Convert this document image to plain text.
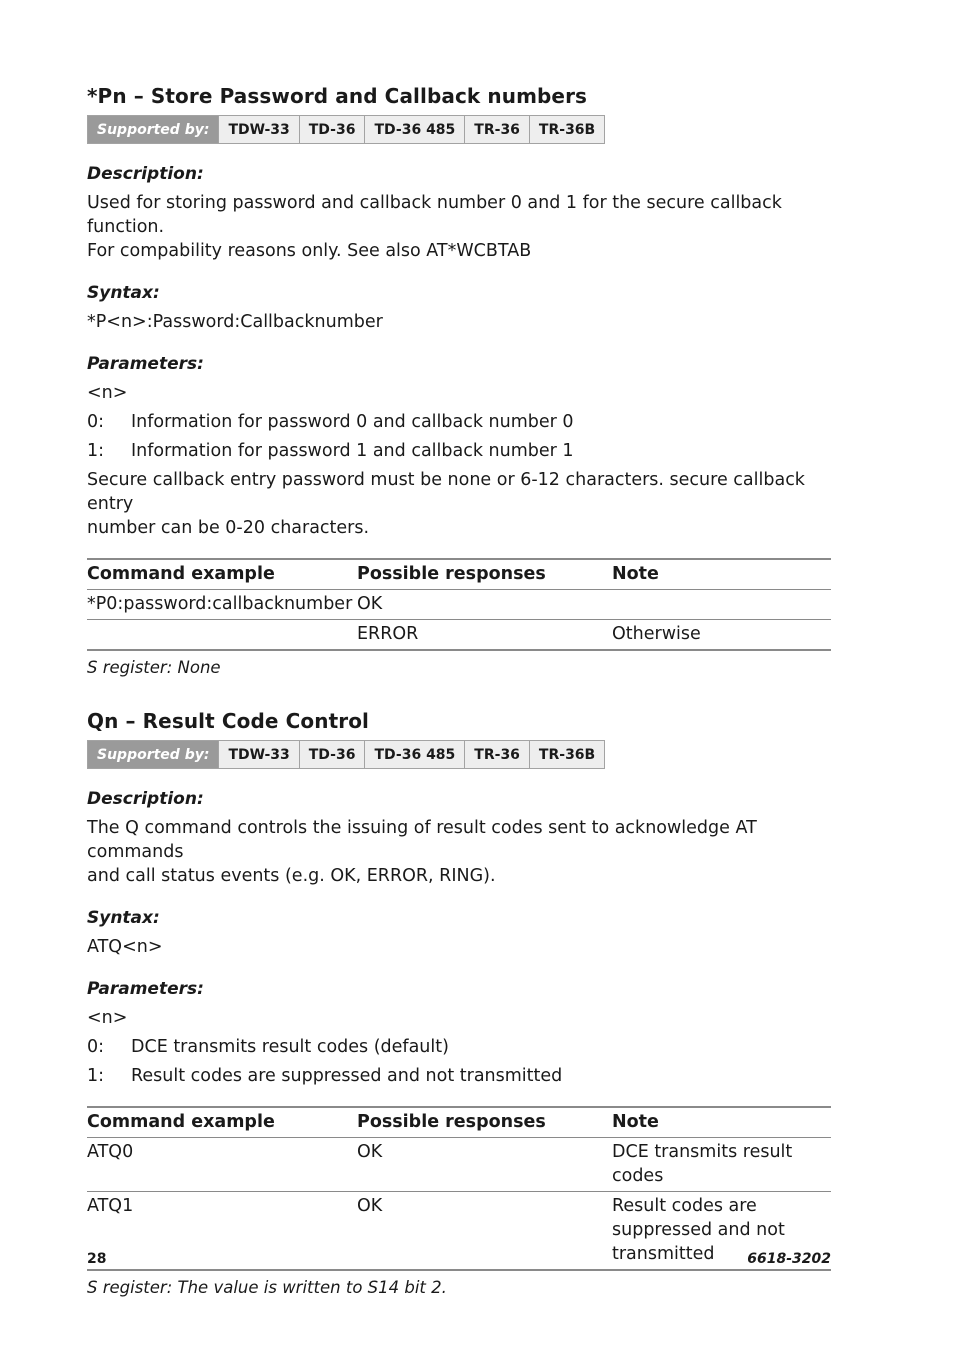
*Pn – Store Password and Callback numbers
Supported by:	TDW-33	TD-36	TD-36 485	TR-36	TR-36B
Description:

Used for storing password and callback number 0 and 1 for the secure callback function.
For compability reasons only. See also AT*WCBTAB

Syntax:

*P<n>:Password:Callbacknumber

Parameters:

<n>

0:	Information for password 0 and callback number 0
1:	Information for password 1 and callback number 1

Secure callback entry password must be none or 6-12 characters. secure callback entry
number can be 0-20 characters.

Command example	Possible responses	Note
*P0:password:callbacknumber	OK	
	ERROR	Otherwise

S register: None

Qn – Result Code Control
Supported by:	TDW-33	TD-36	TD-36 485	TR-36	TR-36B
Description:

The Q command controls the issuing of result codes sent to acknowledge AT commands
and call status events (e.g. OK, ERROR, RING).

Syntax:

ATQ<n>

Parameters:

<n>

0:	DCE transmits result codes (default)
1:	Result codes are suppressed and not transmitted
Command example	Possible responses	Note
ATQ0	OK	DCE transmits result
codes
ATQ1	OK	Result codes are
suppressed and not
transmitted

S register: The value is written to S14 bit 2.

28	6618-3202
